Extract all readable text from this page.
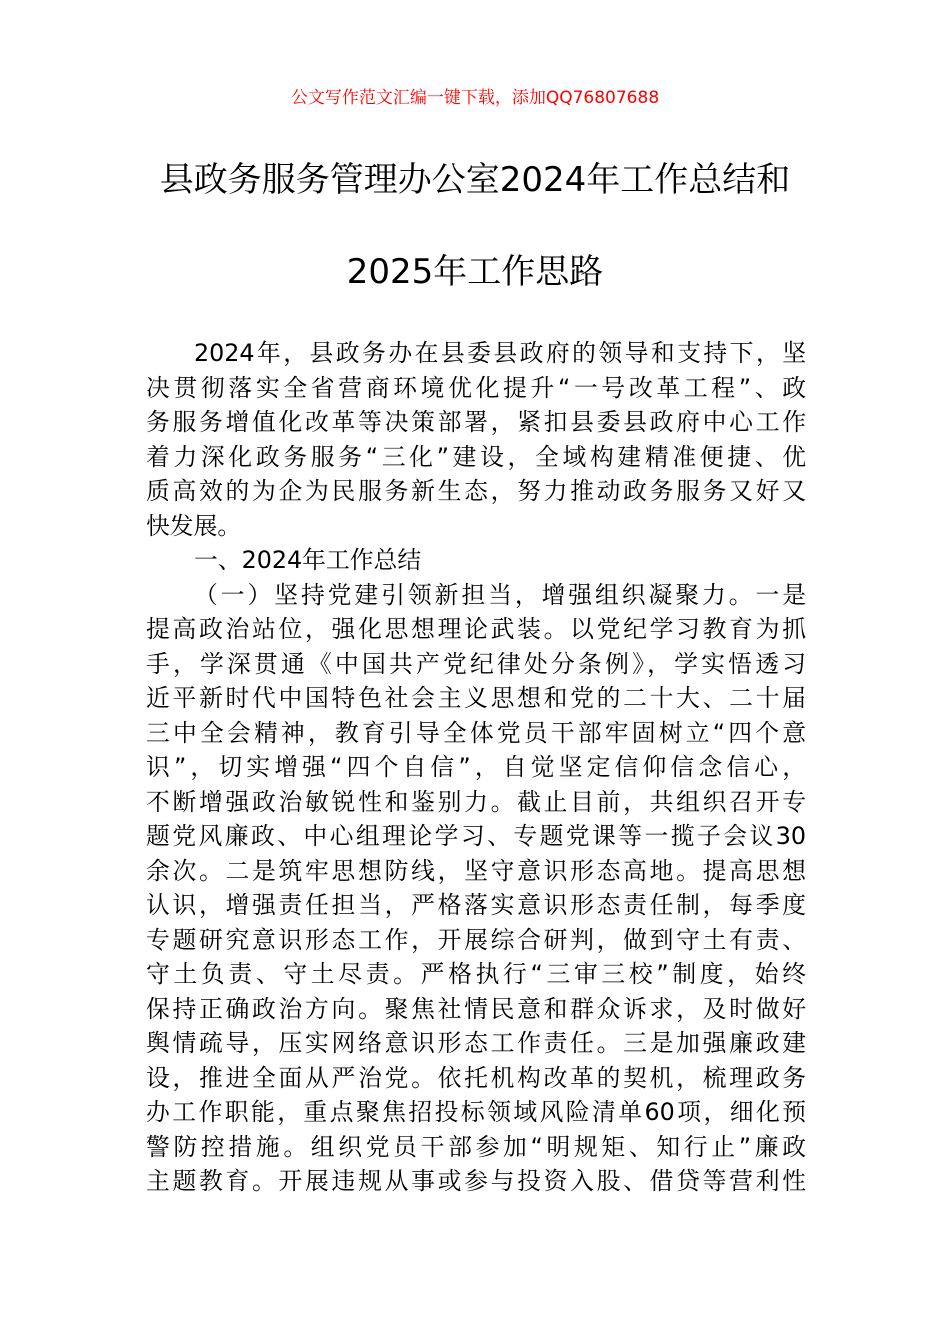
公文写作范文汇编一键下载，添加QQ76807688
县政务服务管理办公室2024年工作总结和
2025年工作思路
2024年，县政务办在县委县政府的领导和支持下，坚
决贯彻落实全省营商环境优化提升“一号改革工程”、政
务服务增值化改革等决策部署，紧扣县委县政府中心工作
着力深化政务服务“三化”建设，全域构建精准便捷、优
质高效的为企为民服务新生态，努力推动政务服务又好又
快发展。
一、2024年工作总结
（一）坚持党建引领新担当，增强组织凝聚力。一是
提高政治站位，强化思想理论武装。以党纪学习教育为抓
手，学深贯通《中国共产党纪律处分条例》，学实悟透习
近平新时代中国特色社会主义思想和党的二十大、二十届
三中全会精神，教育引导全体党员干部牢固树立“四个意
识”，切实增强“四个自信”，自觉坚定信仰信念信心，
不断增强政治敏锐性和鉴别力。截止目前，共组织召开专
题党风廉政、中心组理论学习、专题党课等一揽子会议30
余次。二是筑牢思想防线，坚守意识形态高地。提高思想
认识，增强责任担当，严格落实意识形态责任制，每季度
专题研究意识形态工作，开展综合研判，做到守土有责、
守土负责、守土尽责。严格执行“三审三校”制度，始终
保持正确政治方向。聚焦社情民意和群众诉求，及时做好
舆情疏导，压实网络意识形态工作责任。三是加强廉政建
设，推进全面从严治党。依托机构改革的契机，梳理政务
办工作职能，重点聚焦招投标领域风险清单60项，细化预
警防控措施。组织党员干部参加“明规矩、知行止”廉政
主题教育。开展违规从事或参与投资入股、借贷等营利性
